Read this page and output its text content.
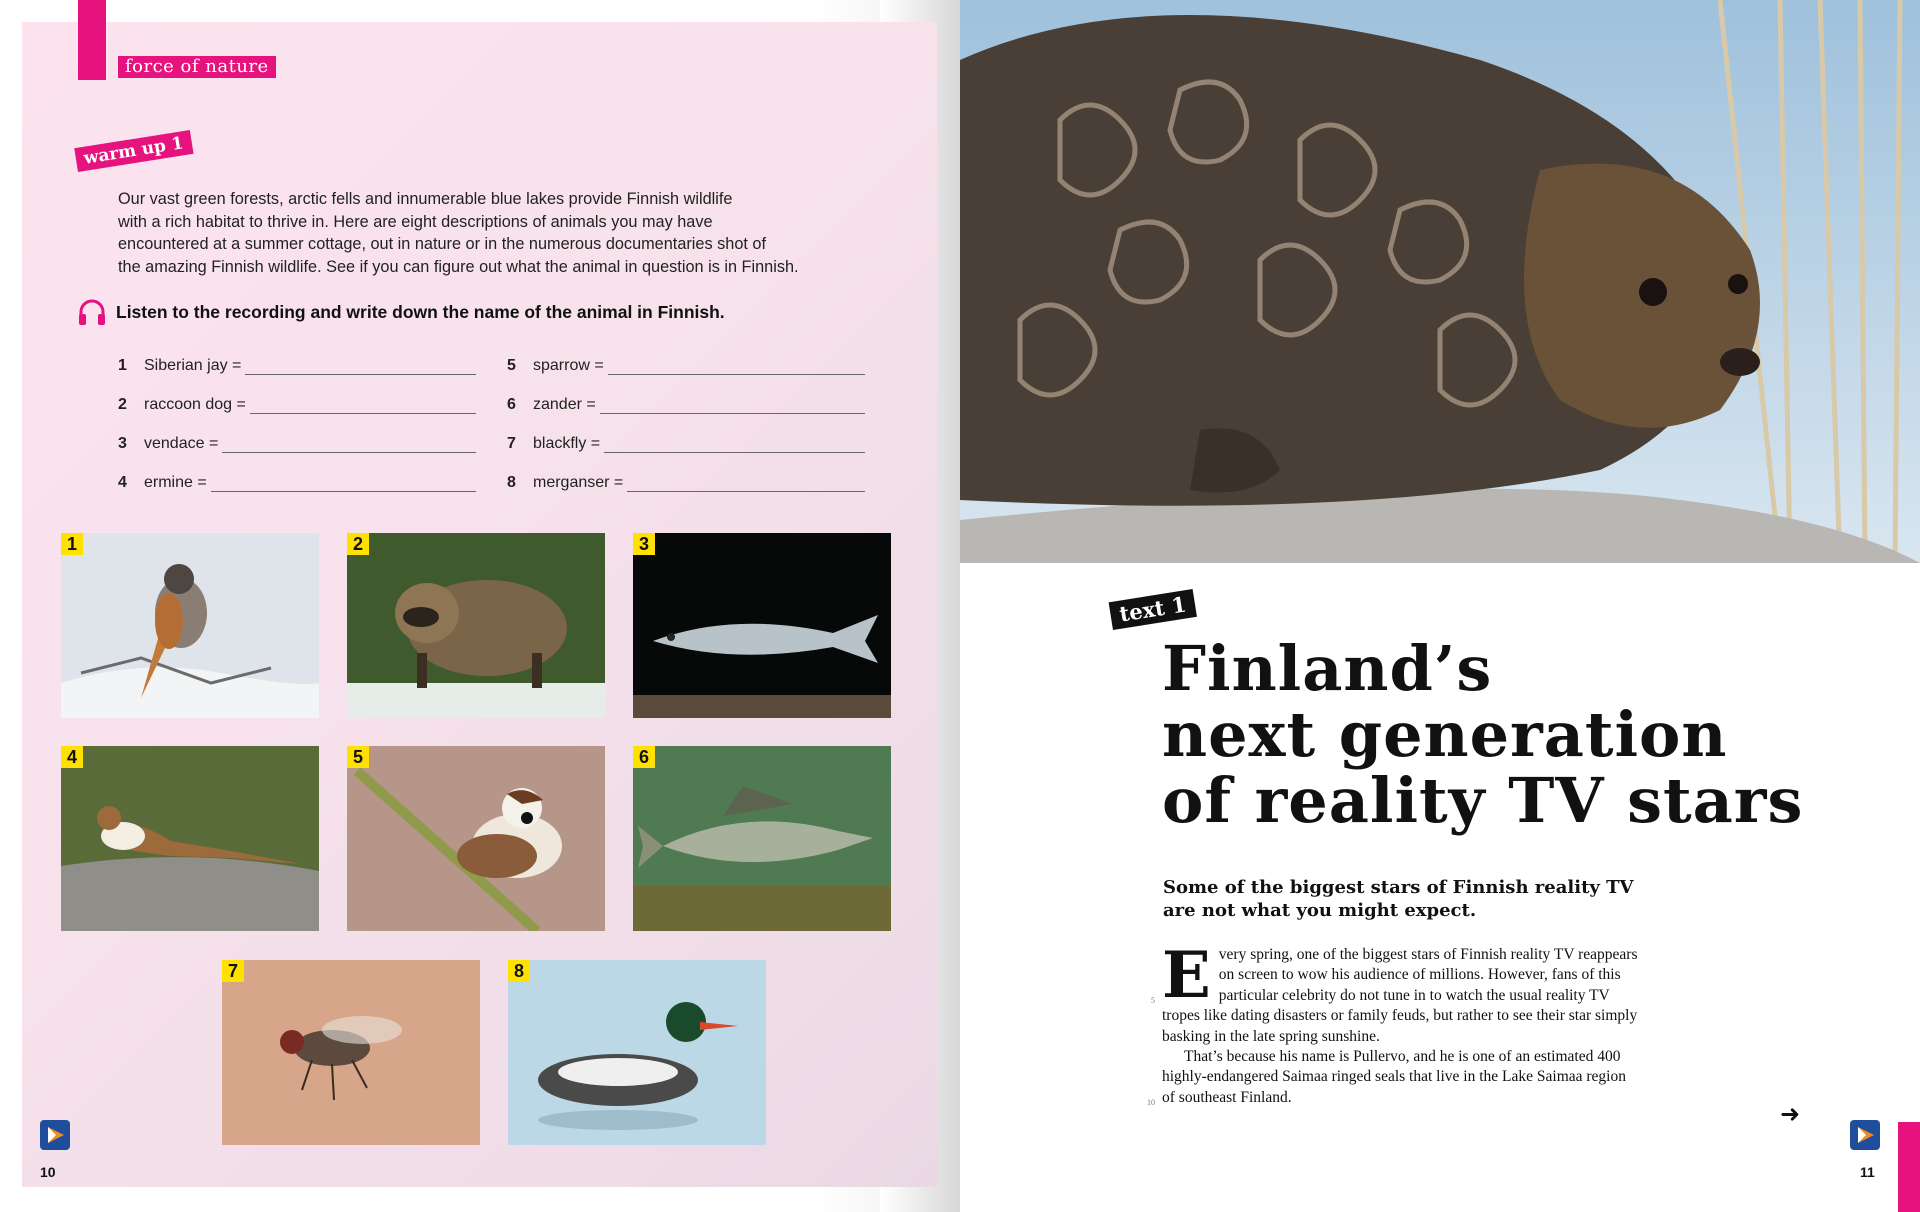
force of nature
warm up 1

Our vast green forests, arctic fells and innumerable blue lakes provide Finnish wildlife

with a rich habitat to thrive in. Here are eight descriptions of animals you may have

encountered at a summer cottage, out in nature or in the numerous documentaries shot of

the amazing Finnish wildlife. See if you can figure out what the animal in question is in Finnish.

Listen to the recording and write down the name of the animal in Finnish.
1	Siberian jay =
2	raccoon dog =
3	vendace =
4	ermine =
5	sparrow =
6	zander =
7	blackfly =
8	merganser =
1	2	3
4	5	6
7	8
10
text 1
Finland’s
next generation
of reality TV stars
Some of the biggest stars of Finnish reality TV
are not what you might expect.
E very spring, one of the biggest stars of Finnish reality TV reappears

on screen to wow his audience of millions. However, fans of this

particular celebrity do not tune in to watch the usual reality TV

tropes like dating disasters or family feuds, but rather to see their star simply

basking in the late spring sunshine.

That’s because his name is Pullervo, and he is one of an estimated 400

highly-endangered Saimaa ringed seals that live in the Lake Saimaa region

of southeast Finland.

5
10	➜
11
